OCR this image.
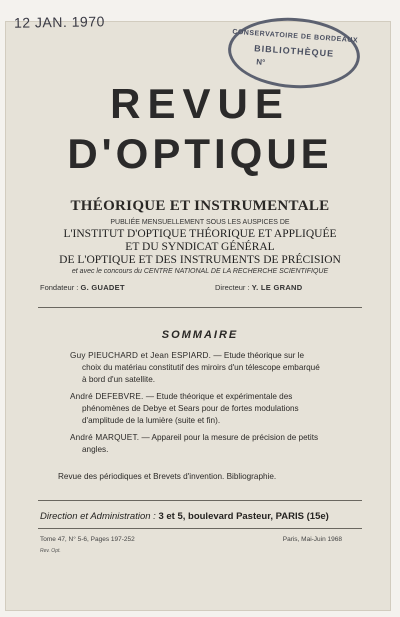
12 JAN. 1970
CONSERVATOIRE DE BORDEAUX
BIBLIOTHÈQUE
N°
REVUE
D'OPTIQUE
THÉORIQUE ET INSTRUMENTALE
PUBLIÉE MENSUELLEMENT SOUS LES AUSPICES DE
L'INSTITUT D'OPTIQUE THÉORIQUE ET APPLIQUÉE
ET DU SYNDICAT GÉNÉRAL
DE L'OPTIQUE ET DES INSTRUMENTS DE PRÉCISION
et avec le concours du CENTRE NATIONAL DE LA RECHERCHE SCIENTIFIQUE
Fondateur : G. GUADET	Directeur : Y. LE GRAND
SOMMAIRE
Guy PIEUCHARD et Jean ESPIARD. — Etude théorique sur le choix du matériau constitutif des miroirs d'un télescope embarqué à bord d'un satellite.
André DEFEBVRE. — Etude théorique et expérimentale des phénomènes de Debye et Sears pour de fortes modulations d'amplitude de la lumière (suite et fin).
André MARQUET. — Appareil pour la mesure de précision de petits angles.
Revue des périodiques et Brevets d'invention. Bibliographie.
Direction et Administration : 3 et 5, boulevard Pasteur, PARIS (15e)
Tome 47, N° 5-6, Pages 197-252	Paris, Mai-Juin 1968
Rev. Opt.
